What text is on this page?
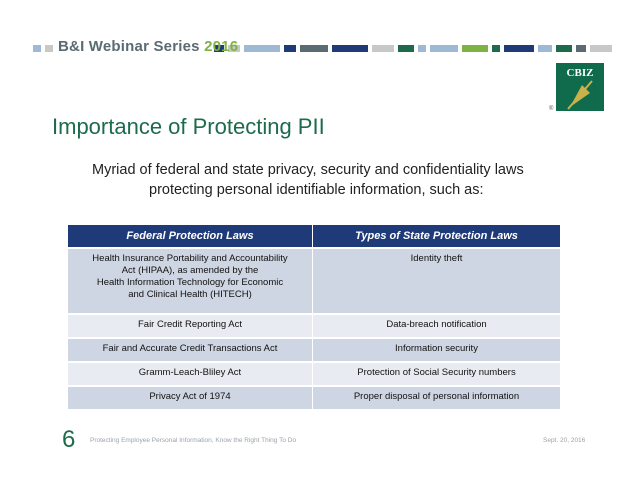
B&I Webinar Series 2016
CBIZ
®
Importance of Protecting PII
Myriad of federal and state privacy, security and confidentiality laws
protecting personal identifiable information, such as:
Federal Protection Laws	Types of State Protection Laws

Health Insurance Portability and Accountability
Act (HIPAA), as amended by the
Health Information Technology for Economic
and Clinical Health (HITECH)	Identity theft
Fair Credit Reporting Act	Data-breach notification
Fair and Accurate Credit Transactions Act	Information security
Gramm-Leach-Bliley Act	Protection of Social Security numbers
Privacy Act of 1974	Proper disposal of personal information
6 Protecting Employee Personal Information, Know the Right Thing To Do	Sept. 20, 2016
